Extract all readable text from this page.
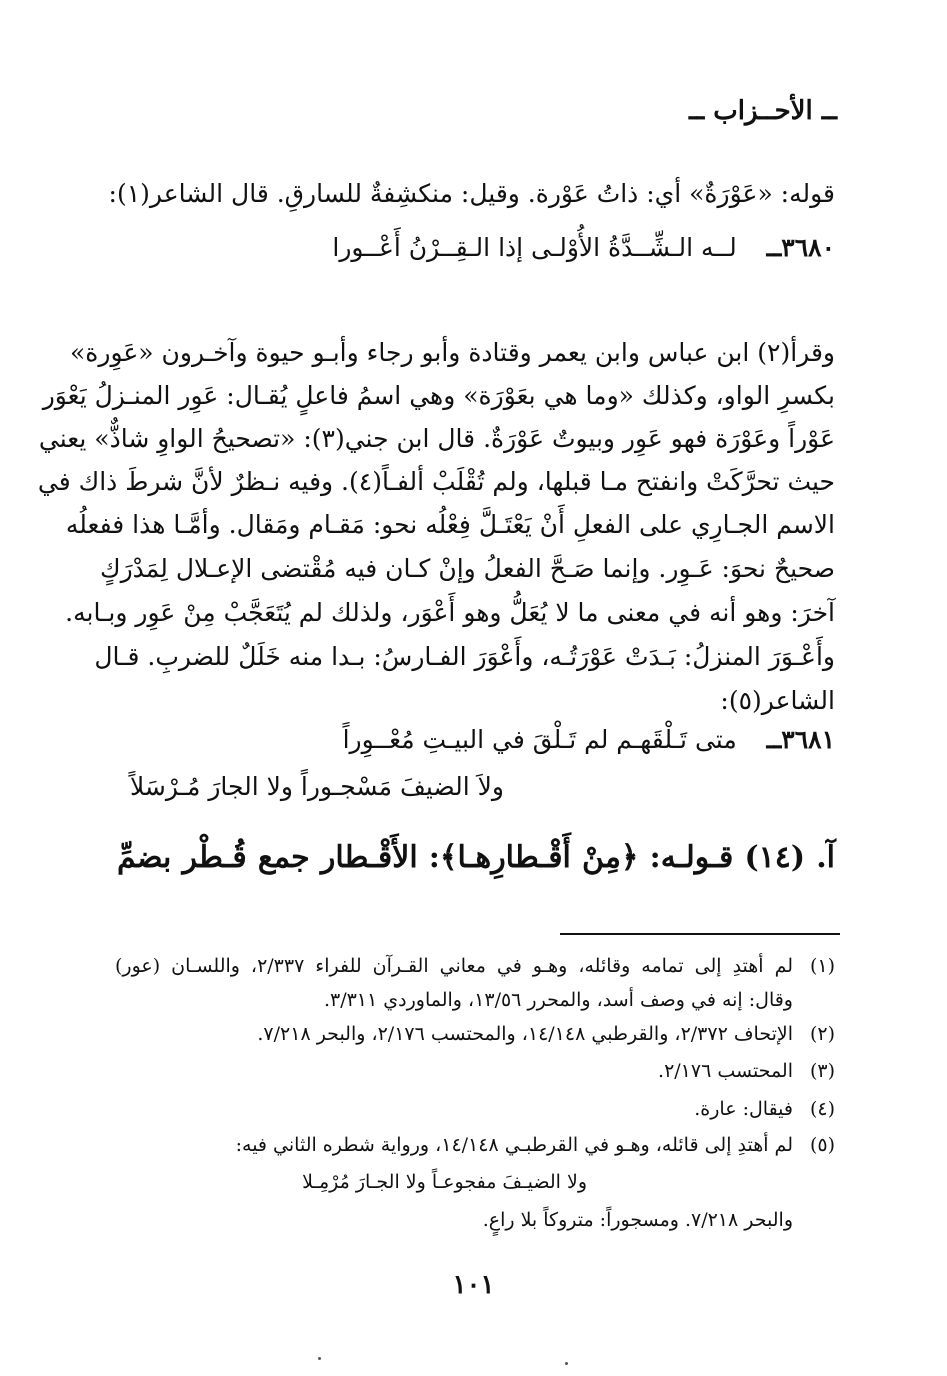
ــ الأحــزاب ــ
قوله: «عَوْرَةٌ» أي: ذاتُ عَوْرة. وقيل: منكشِفةٌ للسارقِ. قال الشاعر(١):
٣٦٨٠ــ  لــه الـشِّــدَّةُ الأُوْلـى إذا الـقِــرْنُ أَعْــورا
وقرأ(٢) ابن عباس وابن يعمر وقتادة وأبو رجاء وأبـو حيوة وآخـرون «عَوِرة»
بكسرِ الواو، وكذلك «وما هي بعَوْرَة» وهي اسمُ فاعلٍ يُقـال: عَوِر المنـزلُ يَعْوَر
عَوْراً وعَوْرَة فهو عَوِر وبيوتٌ عَوْرَةٌ. قال ابن جني(٣): «تصحيحُ الواوِ شاذٌّ» يعني
حيث تحرَّكَتْ وانفتح مـا قبلها، ولم تُقْلَبْ ألفـاً(٤). وفيه نـظرٌ لأنَّ شرطَ ذاك في
الاسم الجـارِي على الفعلِ أَنْ يَعْتَـلَّ فِعْلُه نحو: مَقـام ومَقال. وأمَّـا هذا ففعلُه
صحيحٌ نحوَ: عَـوِر. وإنما صَـحَّ الفعلُ وإنْ كـان فيه مُقْتضى الإعـلال لِمَدْرَكٍ
آخرَ: وهو أنه في معنى ما لا يُعَلُّ وهو أَعْوَر، ولذلك لم يُتَعَجَّبْ مِنْ عَوِر وبـابه.
وأَعْـوَرَ المنزلُ: بَـدَتْ عَوْرَتُـه، وأَعْوَرَ الفـارسُ: بـدا منه خَلَلٌ للضربِ. قـال
الشاعر(٥):
٣٦٨١ــ  متى تَـلْقَهـم لم تَـلْقَ في البيـتِ مُعْــوِراً
ولاَ الضيفَ مَسْجـوراً ولا الجارَ مُـرْسَلاً
آ. (١٤) قـولـه: ﴿مِنْ أَقْـطارِهـا﴾: الأَقْـطار جمع قُـطْر بضمِّ
(١)لم أهتدِ إلى تمامه وقائله، وهـو في معاني القـرآن للفراء ٢/٣٣٧، واللسـان (عور)
وقال: إنه في وصف أسد، والمحرر ١٣/٥٦، والماوردي ٣/٣١١.
(٢)الإتحاف ٢/٣٧٢، والقرطبي ١٤/١٤٨، والمحتسب ٢/١٧٦، والبحر ٧/٢١٨.
(٣)المحتسب ٢/١٧٦.
(٤)فيقال: عارة.
(٥)لم أهتدِ إلى قائله، وهـو في القرطبـي ١٤/١٤٨، ورواية شطره الثاني فيه:
ولا الضيـفَ مفجوعـاً ولا الجـارَ مُرْمِـلا
والبحر ٧/٢١٨. ومسجوراً: متروكاً بلا راعٍ.
١٠١
